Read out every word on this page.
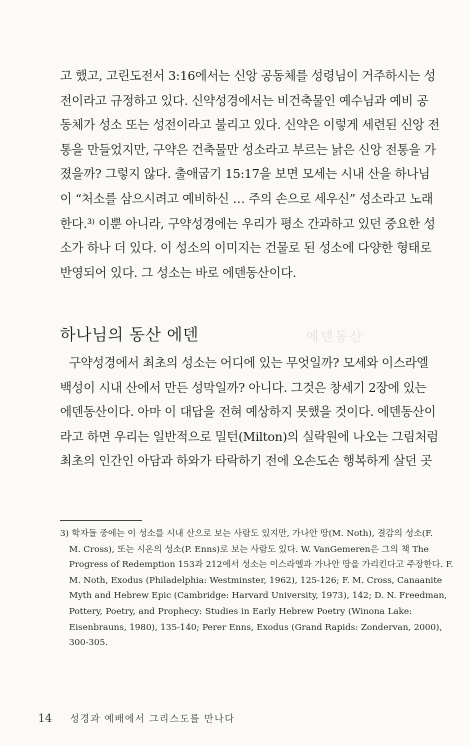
고 했고, 고린도전서 3:16에서는 신앙 공동체를 성령님이 거주하시는 성
전이라고 규정하고 있다. 신약성경에서는 비건축물인 예수님과 예비 공
동체가 성소 또는 성전이라고 불리고 있다. 신약은 이렇게 세련된 신앙 전
통을 만들었지만, 구약은 건축물만 성소라고 부르는 낡은 신앙 전통을 가
졌을까? 그렇지 않다. 출애굽기 15:17을 보면 모세는 시내 산을 하나님
이 “처소를 삼으시려고 예비하신 … 주의 손으로 세우신” 성소라고 노래
한다.³⁾ 이뿐 아니라, 구약성경에는 우리가 평소 간과하고 있던 중요한 성
소가 하나 더 있다. 이 성소의 이미지는 건물로 된 성소에 다양한 형태로
반영되어 있다. 그 성소는 바로 에덴동산이다.
하나님의 동산 에덴	에덴동산
구약성경에서 최초의 성소는 어디에 있는 무엇일까? 모세와 이스라엘
백성이 시내 산에서 만든 성막일까? 아니다. 그것은 창세기 2장에 있는
에덴동산이다. 아마 이 대답을 전혀 예상하지 못했을 것이다. 에덴동산이
라고 하면 우리는 일반적으로 밀턴(Milton)의 실락원에 나오는 그림처럼
최초의 인간인 아담과 하와가 타락하기 전에 오손도손 행복하게 살던 곳
3) 학자들 중에는 이 성소를 시내 산으로 보는 사람도 있지만, 가나안 땅(M. Noth), 결감의 성소(F.
M. Cross), 또는 시온의 성소(P. Enns)로 보는 사람도 있다. W. VanGemeren은 그의 책 The
Progress of Redemption 153과 212에서 성소는 이스라엘과 가나안 땅을 가리킨다고 주장한다. F.
M. Noth, Exodus (Philadelphia: Westminster, 1962), 125-126; F. M. Cross, Canaanite
Myth and Hebrew Epic (Cambridge: Harvard University, 1973), 142; D. N. Freedman,
Pottery, Poetry, and Prophecy: Studies in Early Hebrew Poetry (Winona Lake:
Eisenbrauns, 1980), 135-140; Perer Enns, Exodus (Grand Rapids: Zondervan, 2000),
300-305.
14 성경과 예배에서 그리스도를 만나다
